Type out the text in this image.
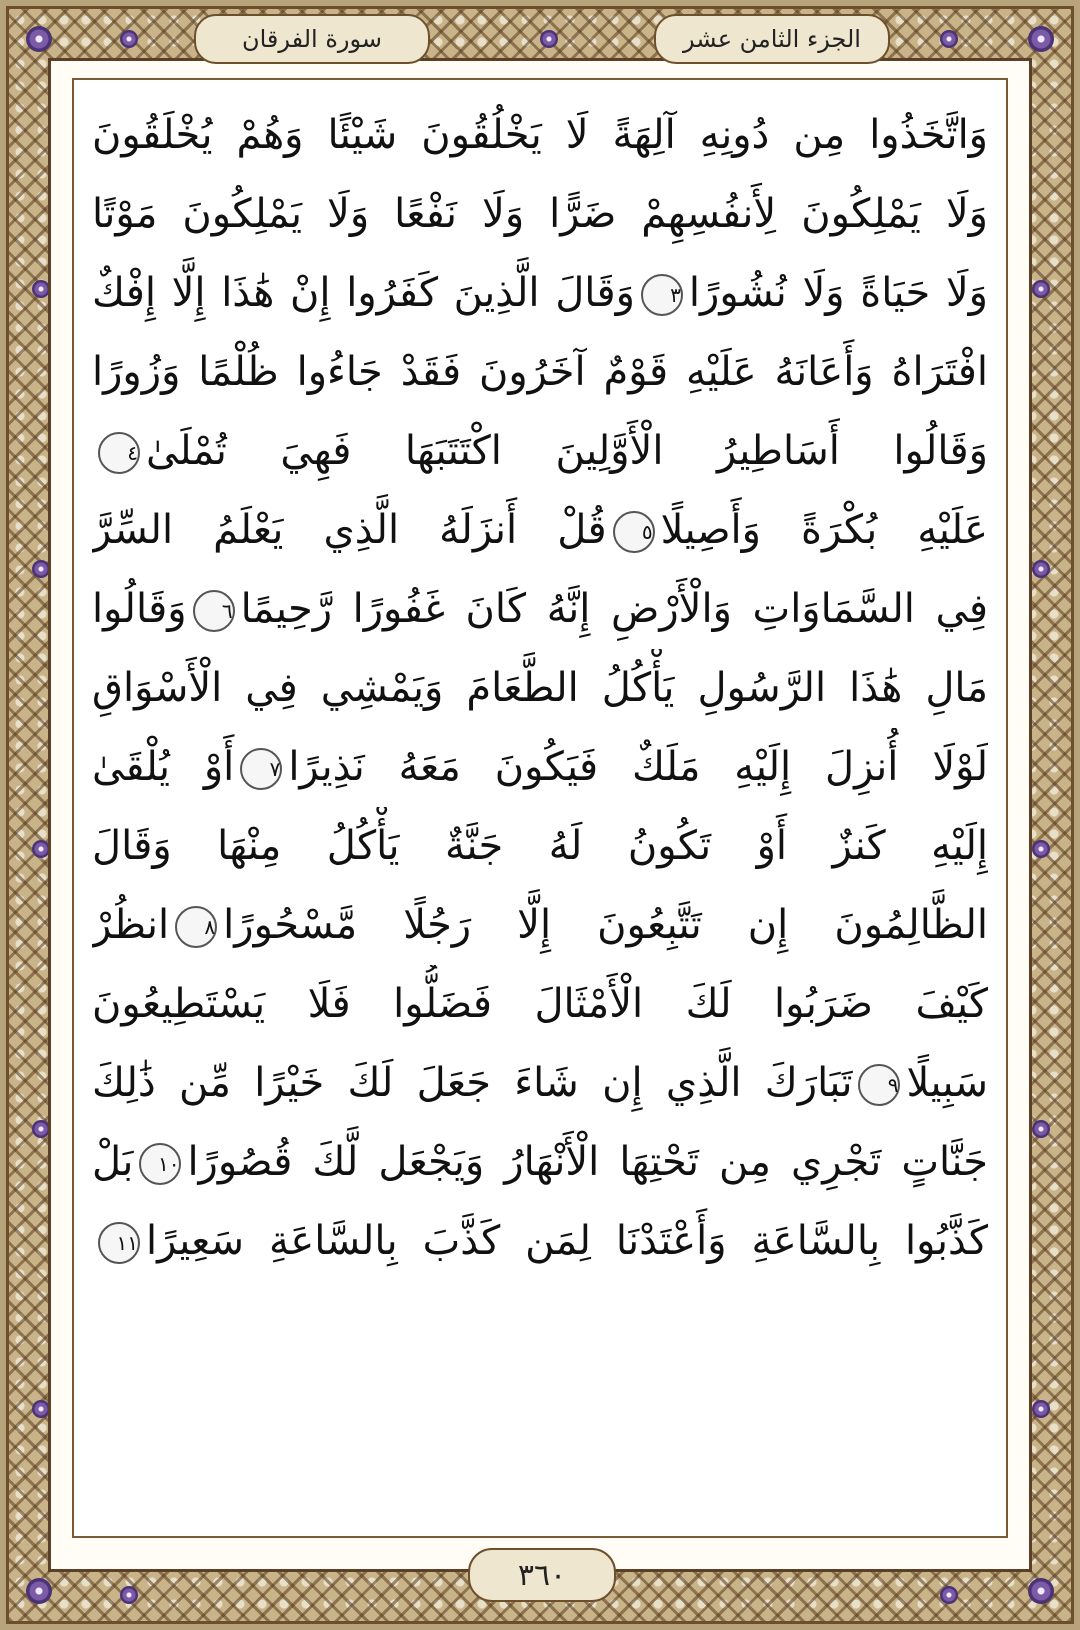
الجزء الثامن عشر
سورة الفرقان
وَاتَّخَذُوا مِن دُونِهِ آلِهَةً لَا يَخْلُقُونَ شَيْئًا وَهُمْ يُخْلَقُونَ
وَلَا يَمْلِكُونَ لِأَنفُسِهِمْ ضَرًّا وَلَا نَفْعًا وَلَا يَمْلِكُونَ مَوْتًا
وَلَا حَيَاةً وَلَا نُشُورًا٣وَقَالَ الَّذِينَ كَفَرُوا إِنْ هَٰذَا إِلَّا إِفْكٌ
افْتَرَاهُ وَأَعَانَهُ عَلَيْهِ قَوْمٌ آخَرُونَ فَقَدْ جَاءُوا ظُلْمًا وَزُورًا
وَقَالُوا أَسَاطِيرُ الْأَوَّلِينَ اكْتَتَبَهَا فَهِيَ تُمْلَىٰ٤
عَلَيْهِ بُكْرَةً وَأَصِيلًا٥قُلْ أَنزَلَهُ الَّذِي يَعْلَمُ السِّرَّ
فِي السَّمَاوَاتِ وَالْأَرْضِ إِنَّهُ كَانَ غَفُورًا رَّحِيمًا٦وَقَالُوا
مَالِ هَٰذَا الرَّسُولِ يَأْكُلُ الطَّعَامَ وَيَمْشِي فِي الْأَسْوَاقِ
لَوْلَا أُنزِلَ إِلَيْهِ مَلَكٌ فَيَكُونَ مَعَهُ نَذِيرًا٧أَوْ يُلْقَىٰ
إِلَيْهِ كَنزٌ أَوْ تَكُونُ لَهُ جَنَّةٌ يَأْكُلُ مِنْهَا وَقَالَ
الظَّالِمُونَ إِن تَتَّبِعُونَ إِلَّا رَجُلًا مَّسْحُورًا٨انظُرْ
كَيْفَ ضَرَبُوا لَكَ الْأَمْثَالَ فَضَلُّوا فَلَا يَسْتَطِيعُونَ
سَبِيلًا٩تَبَارَكَ الَّذِي إِن شَاءَ جَعَلَ لَكَ خَيْرًا مِّن ذَٰلِكَ
جَنَّاتٍ تَجْرِي مِن تَحْتِهَا الْأَنْهَارُ وَيَجْعَل لَّكَ قُصُورًا١٠بَلْ
كَذَّبُوا بِالسَّاعَةِ وَأَعْتَدْنَا لِمَن كَذَّبَ بِالسَّاعَةِ سَعِيرًا١١
٣٦٠
